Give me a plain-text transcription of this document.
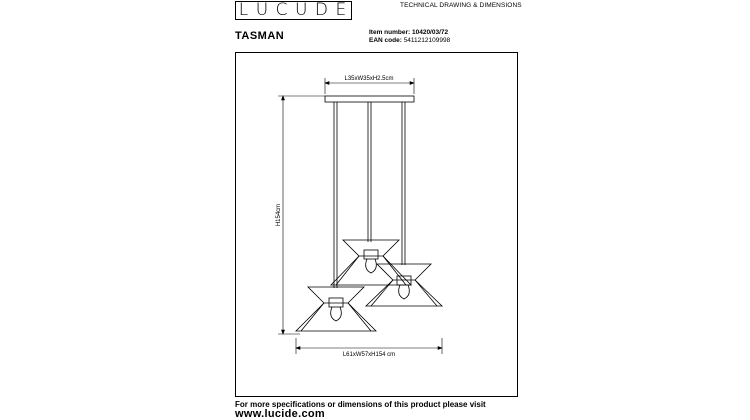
L U C U D E	TECHNICAL DRAWING & DIMENSIONS
TASMAN	Item number: 10420/03/72
EAN code: 5411212109998
L35xW35xH2.5cm
H154cm
L61xW57xH154 cm
For more specifications or dimensions of this product please visit
www.lucide.com
